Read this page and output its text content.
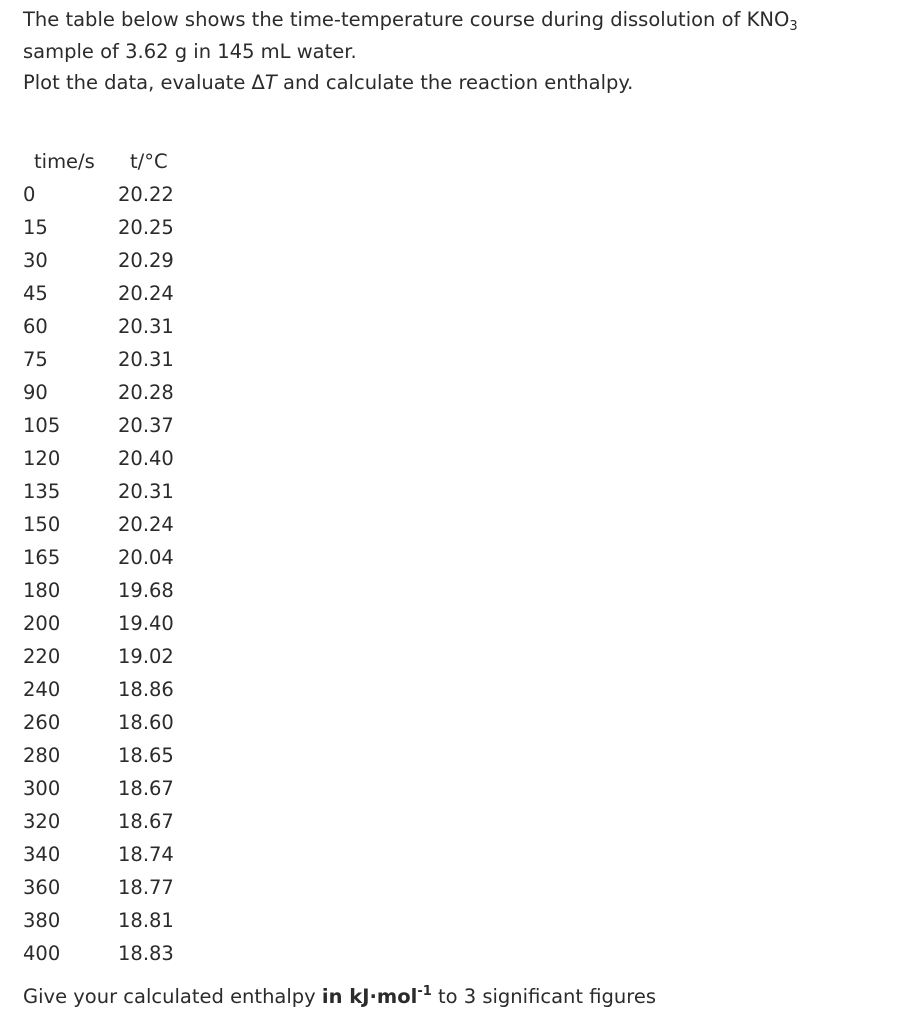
The table below shows the time-temperature course during dissolution of $KNO_3$

sample of 3.62 g in 145 mL water.

Plot the data, evaluate ΔT and calculate the reaction enthalpy.

time/s t/°C
0	20.22
15	20.25
30	20.29
45	20.24
60	20.31
75	20.31
90	20.28
105	20.37
120	20.40
135	20.31
150	20.24
165	20.04
180	19.68
200	19.40
220	19.02
240	18.86
260	18.60
280	18.65
300	18.67
320	18.67
340	18.74
360	18.77
380	18.81
400	18.83
Give your calculated enthalpy in kJ·mol$^{-1}$ to 3 significant figures
